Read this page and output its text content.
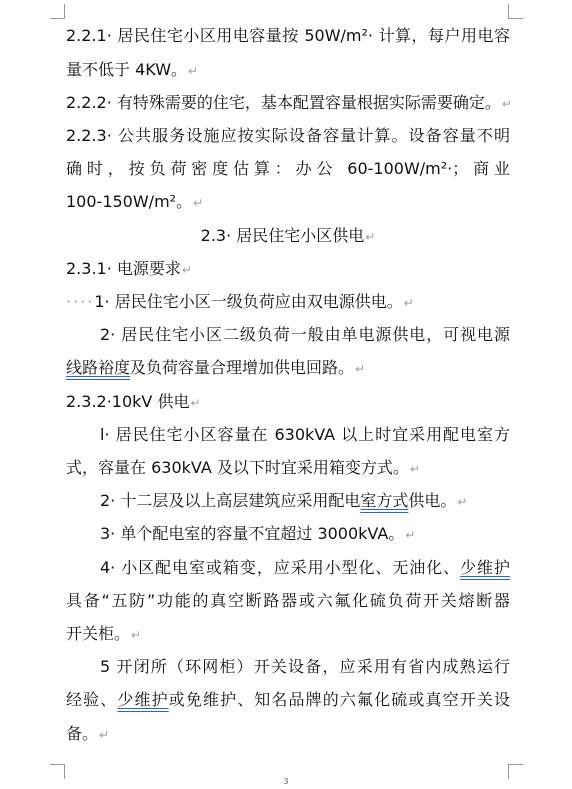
2.2.1· 居民住宅小区用电容量按 50W/m²· 计算，每户用电容
量不低于 4KW。↵
2.2.2· 有特殊需要的住宅，基本配置容量根据实际需要确定。↵
2.2.3· 公共服务设施应按实际设备容量计算。设备容量不明
确时，按负荷密度估算：办公 60-100W/m²·；商业
100-150W/m²。↵
2.3· 居民住宅小区供电↵
2.3.1· 电源要求↵
····1· 居民住宅小区一级负荷应由双电源供电。↵
2· 居民住宅小区二级负荷一般由单电源供电，可视电源
线路裕度及负荷容量合理增加供电回路。↵
2.3.2·10kV 供电↵
l· 居民住宅小区容量在 630kVA 以上时宜采用配电室方
式，容量在 630kVA 及以下时宜采用箱变方式。↵
2· 十二层及以上高层建筑应采用配电室方式供电。↵
3· 单个配电室的容量不宜超过 3000kVA。↵
4· 小区配电室或箱变，应采用小型化、无油化、少维护
具备“五防”功能的真空断路器或六氟化硫负荷开关熔断器
开关柜。↵
5 开闭所（环网柜）开关设备，应采用有省内成熟运行
经验、少维护或免维护、知名品牌的六氟化硫或真空开关设
备。↵
3
